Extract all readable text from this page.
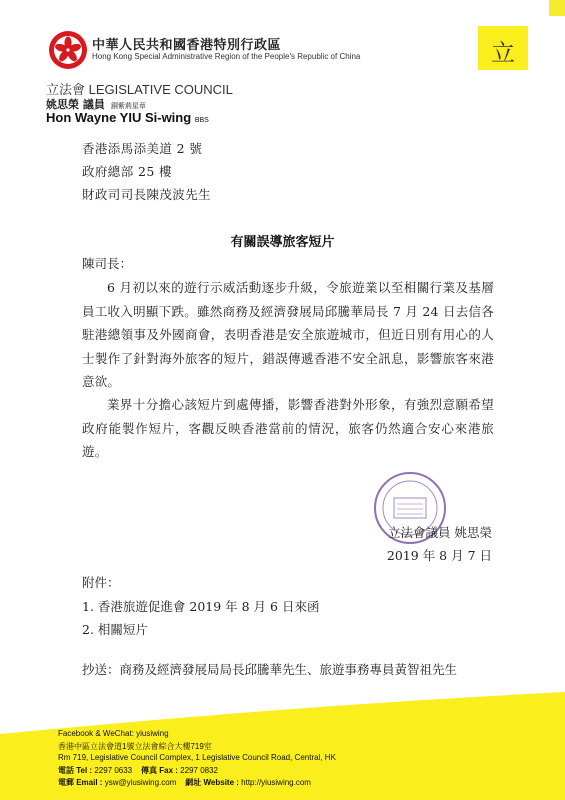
中華人民共和國香港特別行政區
Hong Kong Special Administrative Region of the People's Republic of China
立法會 LEGISLATIVE COUNCIL
姚思榮 議員 銅紫荊星章
Hon Wayne YIU Si-wing BBS
立
香港添馬添美道 2 號
政府總部 25 樓
財政司司長陳茂波先生
有關誤導旅客短片
陳司長：
6 月初以來的遊行示威活動逐步升級，令旅遊業以至相關行業及基層員工收入明顯下跌。雖然商務及經濟發展局邱騰華局長 7 月 24 日去信各駐港總領事及外國商會，表明香港是安全旅遊城市，但近日別有用心的人士製作了針對海外旅客的短片，錯誤傳遞香港不安全訊息，影響旅客來港意欲。
業界十分擔心該短片到處傳播，影響香港對外形象，有強烈意願希望政府能製作短片，客觀反映香港當前的情況，旅客仍然適合安心來港旅遊。
立法會議員 姚思榮
2019 年 8 月 7 日
附件：
1. 香港旅遊促進會 2019 年 8 月 6 日來函
2. 相關短片
抄送：商務及經濟發展局局長邱騰華先生、旅遊事務專員黃智祖先生
Facebook & WeChat: yiusiwing
香港中區立法會道1號立法會綜合大樓719室
Rm 719, Legislative Council Complex, 1 Legislative Council Road, Central, HK
電話 Tel : 2297 0633 傳真 Fax : 2297 0832
電郵 Email : ysw@yiusiwing.com 網址 Website : http://yiusiwing.com
